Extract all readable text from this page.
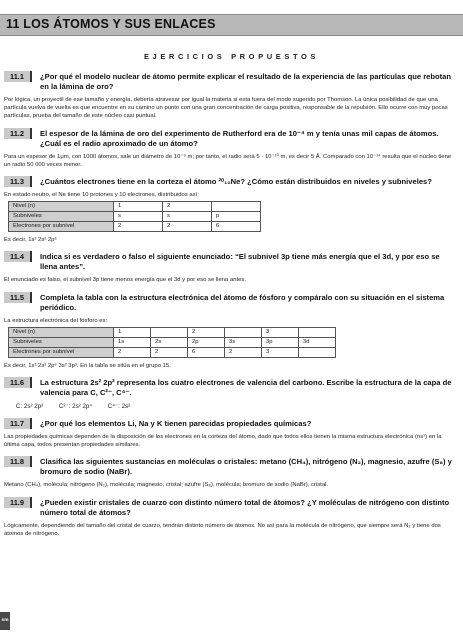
11 LOS ÁTOMOS Y SUS ENLACES
EJERCICIOS PROPUESTOS
11.1	¿Por qué el modelo nuclear de átomo permite explicar el resultado de la experiencia de las partículas que rebotan en la lámina de oro?
Por lógica, un proyectil de ese tamaño y energía, debería atravesar por igual la materia si esta fuera del modo sugerido por Thomson. La única posibilidad de que una partícula vuelva de vuelta es que encuentre en su camino un punto con una gran concentración de carga positiva, responsable de la repulsión. Ello ocurre con muy pocas partículas, prueba del tamaño de este núcleo casi puntual.
11.2	El espesor de la lámina de oro del experimento de Rutherford era de 10⁻⁴ m y tenía unas mil capas de átomos. ¿Cuál es el radio aproximado de un átomo?
Para un espesor de 1μm, con 1000 átomos, sale un diámetro de 10⁻⁹ m; por tanto, el radio será 5 · 10⁻¹⁰ m, es decir 5 Å. Comparado con 10⁻¹⁴ resulta que el núcleo tiene un radio 50 000 veces menor.
11.3	¿Cuántos electrones tiene en la corteza el átomo ²⁰₁₀Ne? ¿Cómo están distribuidos en niveles y subniveles?
En estado neutro, el Ne tiene 10 protones y 10 electrones, distribuidos así:
Nivel (n)	1	2	
Subniveles	s	s	p
Electrones por subnivel	2	2	6
Es decir, 1s² 2s² 2p⁶
11.4	Indica si es verdadero o falso el siguiente enunciado: “El subnivel 3p tiene más energía que el 3d, y por eso se llena antes”.
El enunciado es falso, el subnivel 3p tiene menos energía que el 3d y por eso se llena antes.
11.5	Completa la tabla con la estructura electrónica del átomo de fósforo y compáralo con su situación en el sistema periódico.
La estructura electrónica del fósforo es:
Nivel (n)	1		2		3	
Subniveles	1s	2s	2p	3s	3p	3d
Electrones por subnivel	2	2	6	2	3	
Es decir, 1s² 2s² 2p⁶ 3s² 3p³. En la tabla se sitúa en el grupo 15.
11.6	La estructura 2s² 2p² representa los cuatro electrones de valencia del carbono. Escribe la estructura de la capa de valencia para C, C²⁻, C⁴⁻.
C: 2s² 2p²	C²⁻: 2s² 2p⁴	C⁴⁻: 2s²
11.7	¿Por qué los elementos Li, Na y K tienen parecidas propiedades químicas?
Las propiedades químicas dependen de la disposición de los electrones en la corteza del átomo, dado que todos ellos tienen la misma estructura electrónica (ns¹) en la última capa, todos presentan propiedades similares.
11.8	Clasifica las siguientes sustancias en moléculas o cristales: metano (CH₄), nitrógeno (N₂), magnesio, azufre (S₈) y bromuro de sodio (NaBr).
Metano (CH₄), molécula; nitrógeno (N₂), molécula; magnesio, cristal; azufre (S₈), molécula; bromuro de sodio (NaBr), cristal.
11.9	¿Pueden existir cristales de cuarzo con distinto número total de átomos? ¿Y moléculas de nitrógeno con distinto número total de átomos?
Lógicamente, dependiendo del tamaño del cristal de cuarzo, tendrán distinto número de átomos. No así para la molécula de nitrógeno, que siempre será N₂ y tiene dos átomos de nitrógeno.
sm
